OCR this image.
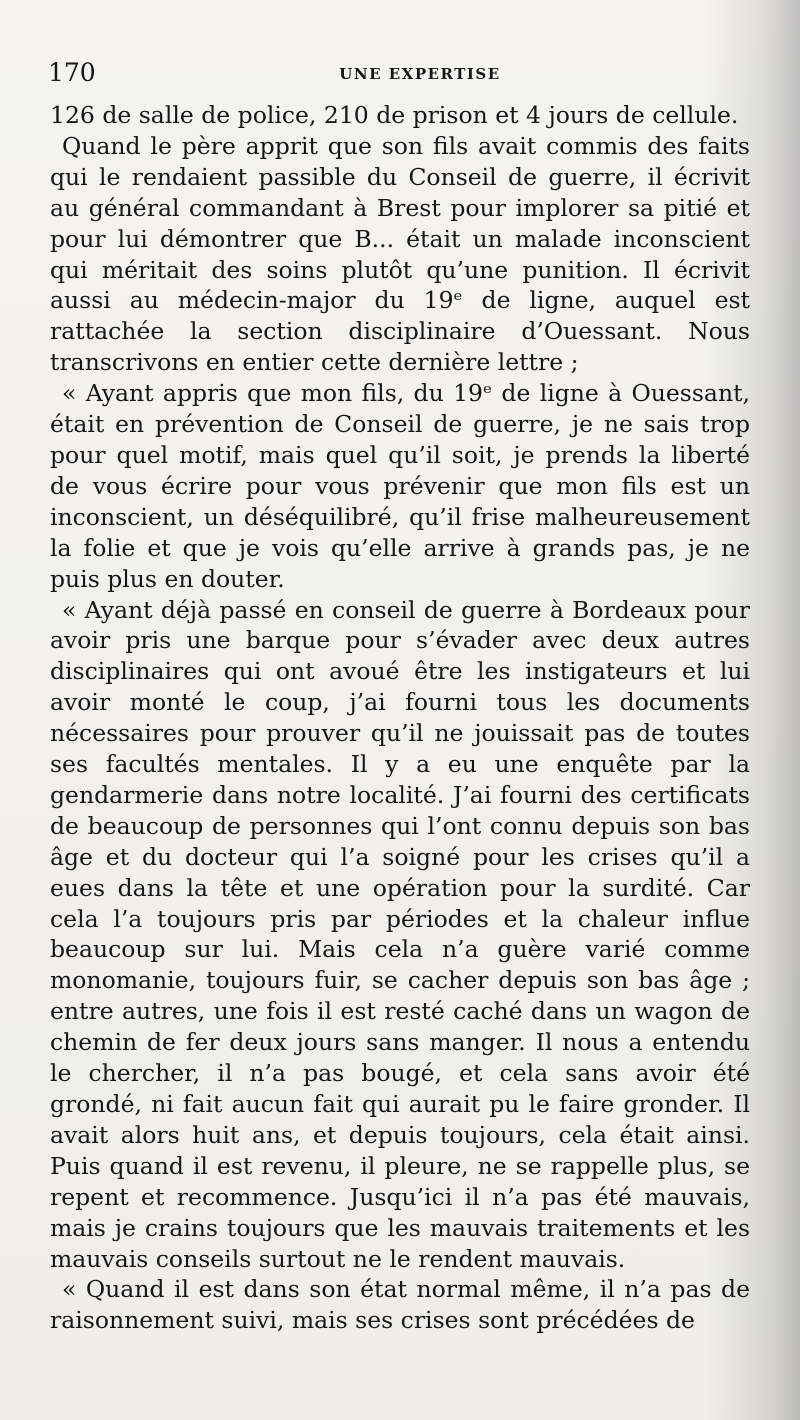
170	UNE EXPERTISE

126 de salle de police, 210 de prison et 4 jours de cellule.

Quand le père apprit que son fils avait commis des faits qui le rendaient passible du Conseil de guerre, il écrivit au général commandant à Brest pour implorer sa pitié et pour lui démontrer que B... était un malade inconscient qui méritait des soins plutôt qu’une punition. Il écrivit aussi au médecin-major du 19ᵉ de ligne, auquel est rattachée la section disciplinaire d’Ouessant. Nous transcrivons en entier cette dernière lettre ;

« Ayant appris que mon fils, du 19ᵉ de ligne à Ouessant, était en prévention de Conseil de guerre, je ne sais trop pour quel motif, mais quel qu’il soit, je prends la liberté de vous écrire pour vous prévenir que mon fils est un inconscient, un déséquilibré, qu’il frise malheureusement la folie et que je vois qu’elle arrive à grands pas, je ne puis plus en douter.

« Ayant déjà passé en conseil de guerre à Bordeaux pour avoir pris une barque pour s’évader avec deux autres disciplinaires qui ont avoué être les instigateurs et lui avoir monté le coup, j’ai fourni tous les documents nécessaires pour prouver qu’il ne jouissait pas de toutes ses facultés mentales. Il y a eu une enquête par la gendarmerie dans notre localité. J’ai fourni des certificats de beaucoup de personnes qui l’ont connu depuis son bas âge et du docteur qui l’a soigné pour les crises qu’il a eues dans la tête et une opération pour la surdité. Car cela l’a toujours pris par périodes et la chaleur influe beaucoup sur lui. Mais cela n’a guère varié comme monomanie, toujours fuir, se cacher depuis son bas âge ; entre autres, une fois il est resté caché dans un wagon de chemin de fer deux jours sans manger. Il nous a entendu le chercher, il n’a pas bougé, et cela sans avoir été grondé, ni fait aucun fait qui aurait pu le faire gronder. Il avait alors huit ans, et depuis toujours, cela était ainsi. Puis quand il est revenu, il pleure, ne se rappelle plus, se repent et recommence. Jusqu’ici il n’a pas été mauvais, mais je crains toujours que les mauvais traitements et les mauvais conseils surtout ne le rendent mauvais.

« Quand il est dans son état normal même, il n’a pas de raisonnement suivi, mais ses crises sont précédées de
